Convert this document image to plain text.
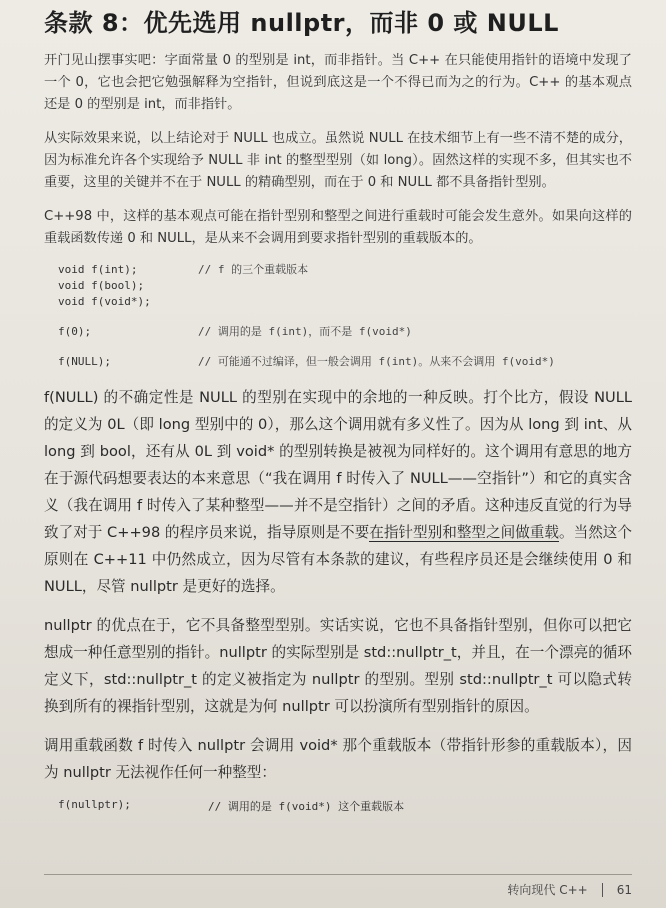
条款 8：优先选用 nullptr，而非 0 或 NULL

开门见山摆事实吧：字面常量 0 的型别是 int，而非指针。当 C++ 在只能使用指针的语境中发现了一个 0，它也会把它勉强解释为空指针，但说到底这是一个不得已而为之的行为。C++ 的基本观点还是 0 的型别是 int，而非指针。

从实际效果来说，以上结论对于 NULL 也成立。虽然说 NULL 在技术细节上有一些不清不楚的成分，因为标准允许各个实现给予 NULL 非 int 的整型型别（如 long）。固然这样的实现不多，但其实也不重要，这里的关键并不在于 NULL 的精确型别，而在于 0 和 NULL 都不具备指针型别。

C++98 中，这样的基本观点可能在指针型别和整型之间进行重载时可能会发生意外。如果向这样的重载函数传递 0 和 NULL，是从来不会调用到要求指针型别的重载版本的。

void f(int);
void f(bool);
void f(void*);
// f 的三个重载版本
f(0);	// 调用的是 f(int)，而不是 f(void*)
f(NULL);	// 可能通不过编译，但一般会调用 f(int)。从来不会调用 f(void*)

f(NULL) 的不确定性是 NULL 的型别在实现中的余地的一种反映。打个比方，假设 NULL 的定义为 0L（即 long 型别中的 0），那么这个调用就有多义性了。因为从 long 到 int、从 long 到 bool，还有从 0L 到 void* 的型别转换是被视为同样好的。这个调用有意思的地方在于源代码想要表达的本来意思（“我在调用 f 时传入了 NULL——空指针”）和它的真实含义（我在调用 f 时传入了某种整型——并不是空指针）之间的矛盾。这种违反直觉的行为导致了对于 C++98 的程序员来说，指导原则是不要在指针型别和整型之间做重载。当然这个原则在 C++11 中仍然成立，因为尽管有本条款的建议，有些程序员还是会继续使用 0 和 NULL，尽管 nullptr 是更好的选择。

nullptr 的优点在于，它不具备整型型别。实话实说，它也不具备指针型别，但你可以把它想成一种任意型别的指针。nullptr 的实际型别是 std::nullptr_t，并且，在一个漂亮的循环定义下，std::nullptr_t 的定义被指定为 nullptr 的型别。型别 std::nullptr_t 可以隐式转换到所有的裸指针型别，这就是为何 nullptr 可以扮演所有型别指针的原因。

调用重载函数 f 时传入 nullptr 会调用 void* 那个重载版本（带指针形参的重载版本），因为 nullptr 无法视作任何一种整型：

f(nullptr);	// 调用的是 f(void*) 这个重载版本
转向现代 C++ 61
